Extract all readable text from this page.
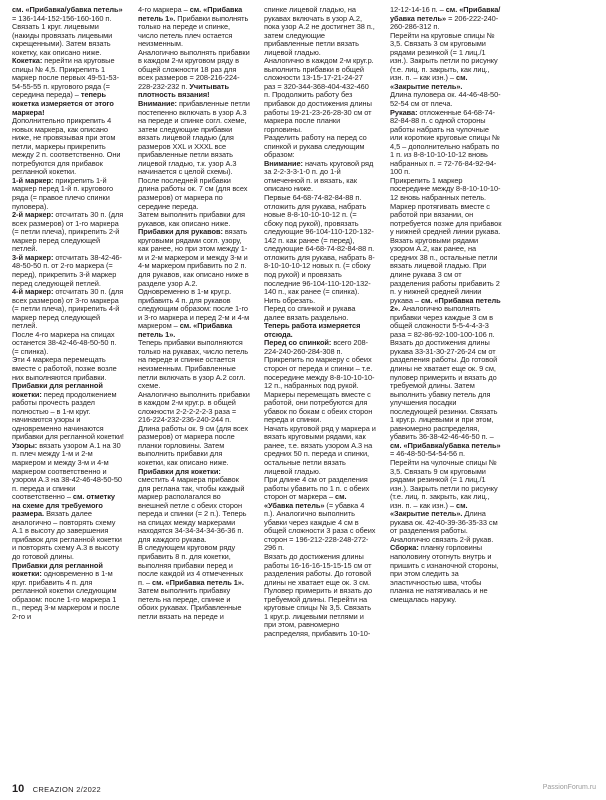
см. «Прибавка/убавка петель» = 136-144-152-156-160-160 п. Связать 1 круг. лицевыми (накиды провязать лицевыми скрещенными). Затем вязать кокетку, как описано ниже.

Кокетка: перейти на круговые спицы № 4,5. Прикрепить 1 маркер после первых 49-51-53-54-55-55 п. кругового ряда (= середина переда) – теперь кокетка измеряется от этого маркера!

Дополнительно прикрепить 4 новых маркера, как описано ниже, не провязывая при этом петли, маркеры прикрепить между 2 п. соответственно. Они потребуются для прибавок регланной кокетки.

1-й маркер: прикрепить 1-й маркер перед 1-й п. кругового ряда (= правое плечо спинки пуловера).

2-й маркер: отсчитать 30 п. (для всех размеров) от 1-го маркера (= петли плеча), прикрепить 2-й маркер перед следующей петлей.

3-й маркер: отсчитать 38-42-46-48-50-50 п. от 2-го маркера (= перед), прикрепить 3-й маркер перед следующей петлей.

4-й маркер: отсчитать 30 п. (для всех размеров) от 3-го маркера (= петли плеча), прикрепить 4-й маркер перед следующей петлей.

После 4-го маркера на спицах останется 38-42-46-48-50-50 п. (= спинка).

Эти 4 маркера перемещать вместе с работой, позже возле них выполняются прибавки.

Прибавки для регланной кокетки: перед продолжением работы прочесть раздел полностью – в 1-м круг. начинаются узоры и одновременно начинаются прибавки для регланной кокетки!

Узоры: вязать узором А.1 на 30 п. плеч между 1-м и 2-м маркером и между 3-м и 4-м маркером соответственно и узором А.3 на 38-42-46-48-50-50 п. переда и спинки соответственно – см. отметку на схеме для требуемого размера. Вязать далее аналогично – повторять схему А.1 в высоту до завершения прибавок для регланной кокетки и повторять схему А.3 в высоту до готовой длины.

Прибавки для регланной кокетки: одновременно в 1-м круг. прибавить 4 п. для регланной кокетки следующим образом: после 1-го маркера 1 п., перед 3-м маркером и после 2-го и

4-го маркера – см. «Прибавка петель 1». Прибавки выполнять только на переде и спинке, число петель плеч остается неизменным.

Аналогично выполнять прибавки в каждом 2-м круговом ряду в общей сложности 18 раз для всех размеров = 208-216-224-228-232-232 п. Учитывать плотность вязания!

Внимание: прибавленные петли постепенно включать в узор А.3 на переде и спинке согл. схеме, затем следующие прибавки вязать лицевой гладью (для размеров XXL и XXXL все прибавленные петли вязать лицевой гладью, т.к. узор А.3 начинается с целой схемы).

После последней прибавки длина работы ок. 7 см (для всех размеров) от маркера по середине переда.

Затем выполнить прибавки для рукавов, как описано ниже.

Прибавки для рукавов: вязать круговыми рядами согл. узору, как ранее, но при этом между 1-м и 2-м маркером и между 3-м и 4-м маркером прибавить по 2 п. для рукавов, как описано ниже в разделе узор А.2.

Одновременно в 1-м круг.р. прибавить 4 п. для рукавов следующим образом: после 1-го и 3-го маркера и перед 2-м и 4-м маркером – см. «Прибавка петель 1».

Теперь прибавки выполняются только на рукавах, число петель на переде и спинке остается неизменным. Прибавленные петли включать в узор А.2 согл. схеме.

Аналогично выполнить прибавки в каждом 2-м круг.р. в общей сложности 2-2-2-2-2-3 раза = 216-224-232-236-240-244 п.

Длина работы ок. 9 см (для всех размеров) от маркера после планки горловины. Затем выполнить прибавки для кокетки, как описано ниже.

Прибавки для кокетки: сместить 4 маркера прибавок для реглана так, чтобы каждый маркер располагался во внешней петле с обеих сторон переда и спинки (= 2 п.). Теперь на спицах между маркерами находятся 34-34-34-34-36-36 п. для каждого рукава.

В следующем круговом ряду прибавить 8 п. для кокетки, выполняя прибавки перед и после каждой из 4 отмеченных п. – см. «Прибавка петель 1».

Затем выполнить прибавку петель на переде, спинке и обоих рукавах. Прибавленные петли вязать на переде и

спинке лицевой гладью, на рукавах включать в узор А.2, пока узор А.2 не достигнет 38 п., затем следующие прибавленные петли вязать лицевой гладью.

Аналогично в каждом 2-м круг.р. выполнить прибавки в общей сложности 13-15-17-21-24-27 раз = 320-344-368-404-432-460 п. Продолжить работу без прибавок до достижения длины работы 19-21-23-26-28-30 см от маркера после планки горловины.

Разделить работу на перед со спинкой и рукава следующим образом:

Внимание: начать круговой ряд за 2-2-3-3-1-0 п. до 1-й отмеченной п. и вязать, как описано ниже.

Первые 64-68-74-82-84-88 п. отложить для рукава, набрать новые 8-8-10-10-10-12 п. (= сбоку под рукой), провязать следующие 96-104-110-120-132-142 п. как ранее (= перед), следующие 64-68-74-82-84-88 п. отложить для рукава, набрать 8-8-10-10-10-12 новых п. (= сбоку под рукой) и провязать последние 96-104-110-120-132-140 п., как ранее (= спинка). Нить обрезать.

Перед со спинкой и рукава далее вязать раздельно.

Теперь работа измеряется отсюда.

Перед со спинкой: всего 208-224-240-260-284-308 п.

Прикрепить по маркеру с обеих сторон от переда и спинки – т.е. посередине между 8-8-10-10-10-12 п., набранных под рукой. Маркеры перемещать вместе с работой, они потребуются для убавок по бокам с обеих сторон переда и спинки.

Начать круговой ряд у маркера и вязать круговыми рядами, как ранее, т.е. вязать узором А.3 на средних 50 п. переда и спинки, остальные петли вязать лицевой гладью.

При длине 4 см от разделения работы убавить по 1 п. с обеих сторон от маркера – см. «Убавка петель» (= убавка 4 п.). Аналогично выполнить убавки через каждые 4 см в общей сложности 3 раза с обеих сторон = 196-212-228-248-272-296 п.

Вязать до достижения длины работы 16-16-16-15-15-15 см от разделения работы. До готовой длины не хватает еще ок. 3 см. Пуловер примерить и вязать до требуемой длины. Перейти на круговые спицы № 3,5. Связать 1 круг.р. лицевыми петлями и при этом, равномерно распределяя, прибавить 10-10-

12-12-14-16 п. – см. «Прибавка/убавка петель» = 206-222-240-260-286-312 п.

Перейти на круговые спицы № 3,5. Связать 3 см круговыми рядами резинкой (= 1 лиц./1 изн.). Закрыть петли по рисунку (т.е. лиц. п. закрыть, как лиц., изн. п. – как изн.) – см. «Закрытие петель».

Длина пуловера ок. 44-46-48-50-52-54 см от плеча.

Рукава: отложенные 64-68-74-82-84-88 п. с одной стороны работы набрать на чулочные или короткие круговые спицы № 4,5 – дополнительно набрать по 1 п. из 8-8-10-10-10-12 вновь набранных п. = 72-76-84-92-94-100 п.

Прикрепить 1 маркер посередине между 8-8-10-10-10-12 вновь набранных петель. Маркер протягивать вместе с работой при вязании, он потребуется позже для прибавок у нижней средней линии рукава.

Вязать круговыми рядами узором А.2, как ранее, на средних 38 п., остальные петли вязать лицевой гладью. При длине рукава 3 см от разделения работы прибавить 2 п. у нижней средней линии рукава – см. «Прибавка петель 2». Аналогично выполнять прибавки через каждые 3 см в общей сложности 5-5-4-4-3-3 раза = 82-86-92-100-100-106 п.

Вязать до достижения длины рукава 33-31-30-27-26-24 см от разделения работы. До готовой длины не хватает еще ок. 9 см, пуловер примерить и вязать до требуемой длины. Затем выполнить убавку петель для улучшения посадки последующей резинки. Связать 1 круг.р. лицевыми и при этом, равномерно распределяя, убавить 36-38-42-46-46-50 п. – см. «Прибавка/убавка петель» = 46-48-50-54-54-56 п.

Перейти на чулочные спицы № 3,5. Связать 9 см круговыми рядами резинкой (= 1 лиц./1 изн.). Закрыть петли по рисунку (т.е. лиц. п. закрыть, как лиц., изн. п. – как изн.) – см. «Закрытие петель». Длина рукава ок. 42-40-39-36-35-33 см от разделения работы. Аналогично связать 2-й рукав.

Сборка: планку горловины наполовину отогнуть внутрь и пришить с изнаночной стороны, при этом следить за эластичностью шва, чтобы планка не натягивалась и не смещалась наружу.

10 CREAZION 2/2022	PassionForum.ru
